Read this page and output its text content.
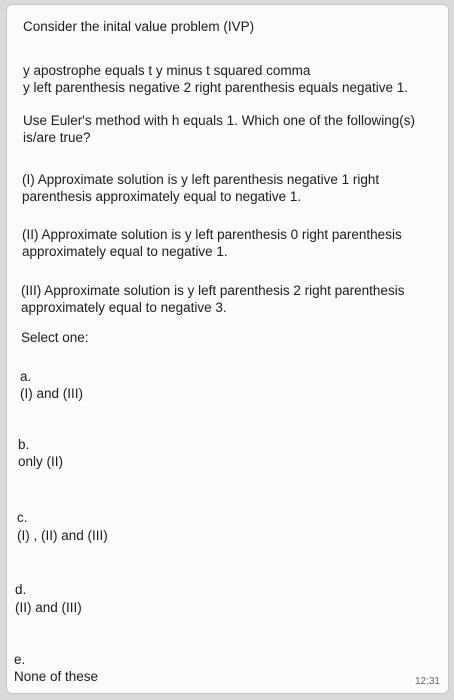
Consider the inital value problem (IVP)
y apostrophe equals t y minus t squared comma
y left parenthesis negative 2 right parenthesis equals negative 1.
Use Euler's method with h equals 1. Which one of the following(s)
is/are true?
(I) Approximate solution is y left parenthesis negative 1 right
parenthesis approximately equal to negative 1.
(II) Approximate solution is y left parenthesis 0 right parenthesis
approximately equal to negative 1.
(III) Approximate solution is y left parenthesis 2 right parenthesis
approximately equal to negative 3.
Select one:
a.
(I) and (III)
b.
only (II)
c.
(I) , (II) and (III)
d.
(II) and (III)
e.
None of these	12:31
